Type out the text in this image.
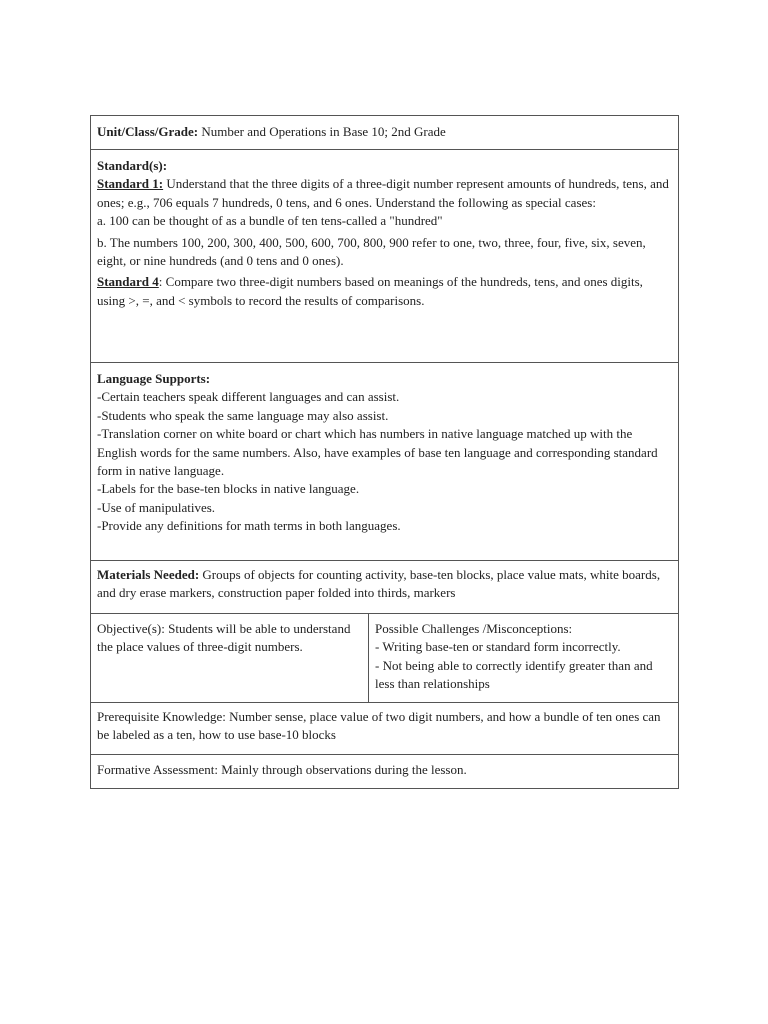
Unit/Class/Grade: Number and Operations in Base 10; 2nd Grade
Standard(s):
Standard 1: Understand that the three digits of a three-digit number represent amounts of hundreds, tens, and ones; e.g., 706 equals 7 hundreds, 0 tens, and 6 ones. Understand the following as special cases:
a. 100 can be thought of as a bundle of ten tens-called a "hundred"
b. The numbers 100, 200, 300, 400, 500, 600, 700, 800, 900 refer to one, two, three, four, five, six, seven, eight, or nine hundreds (and 0 tens and 0 ones).
Standard 4: Compare two three-digit numbers based on meanings of the hundreds, tens, and ones digits, using >, =, and < symbols to record the results of comparisons.
Language Supports:
-Certain teachers speak different languages and can assist.
-Students who speak the same language may also assist.
-Translation corner on white board or chart which has numbers in native language matched up with the English words for the same numbers. Also, have examples of base ten language and corresponding standard form in native language.
-Labels for the base-ten blocks in native language.
-Use of manipulatives.
-Provide any definitions for math terms in both languages.
Materials Needed: Groups of objects for counting activity, base-ten blocks, place value mats, white boards, and dry erase markers, construction paper folded into thirds, markers
Objective(s): Students will be able to understand the place values of three-digit numbers.
Possible Challenges /Misconceptions:
- Writing base-ten or standard form incorrectly.
- Not being able to correctly identify greater than and less than relationships
Prerequisite Knowledge: Number sense, place value of two digit numbers, and how a bundle of ten ones can be labeled as a ten, how to use base-10 blocks
Formative Assessment: Mainly through observations during the lesson.
